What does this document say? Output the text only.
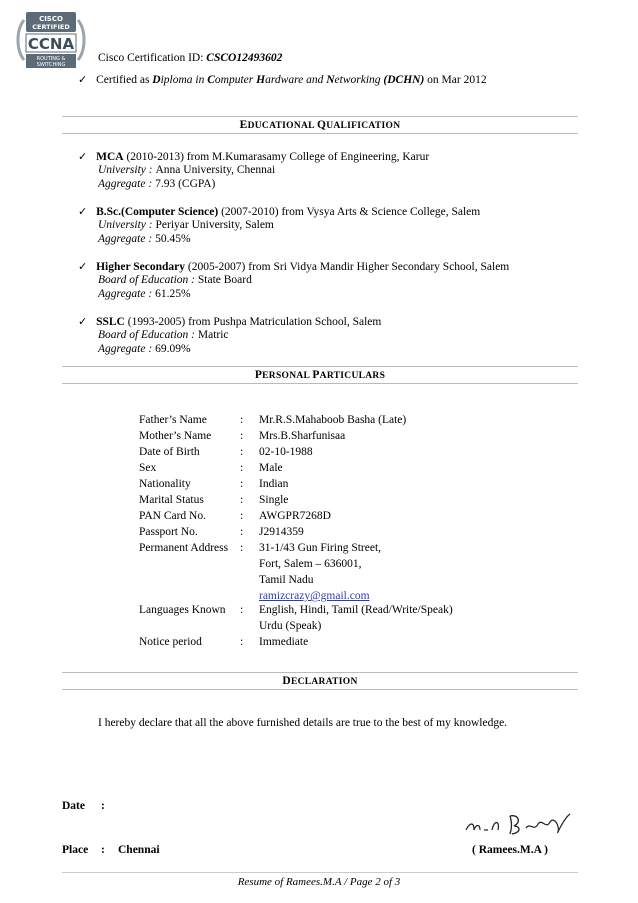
CISCO
CERTIFIED
CCNA
ROUTING &
SWITCHING
Cisco Certification ID: CSCO12493602
✓ Certified as Diploma in Computer Hardware and Networking (DCHN) on Mar 2012
EDUCATIONAL QUALIFICATION
✓ MCA (2010-2013) from M.Kumarasamy College of Engineering, Karur
University : Anna University, Chennai
Aggregate : 7.93 (CGPA)
✓ B.Sc.(Computer Science) (2007-2010) from Vysya Arts & Science College, Salem
University : Periyar University, Salem
Aggregate : 50.45%
✓ Higher Secondary (2005-2007) from Sri Vidya Mandir Higher Secondary School, Salem
Board of Education : State Board
Aggregate : 61.25%
✓ SSLC (1993-2005) from Pushpa Matriculation School, Salem
Board of Education : Matric
Aggregate : 69.09%
PERSONAL PARTICULARS
Father’s Name	: Mr.R.S.Mahaboob Basha (Late)
Mother’s Name : Mrs.B.Sharfunisaa
Date of Birth	: 02-10-1988
Sex	: Male
Nationality	: Indian
Marital Status	: Single
PAN Card No.	: AWGPR7268D
Passport No.	: J2914359
Permanent Address : 31-1/43 Gun Firing Street,
Fort, Salem – 636001,
Tamil Nadu
ramizcrazy@gmail.com
Languages Known : English, Hindi, Tamil (Read/Write/Speak)
Urdu (Speak)
Notice period	: Immediate
DECLARATION
I hereby declare that all the above furnished details are true to the best of my knowledge.
Date :
Place : Chennai	( Ramees.M.A )
Resume of Ramees.M.A / Page 2 of 3
